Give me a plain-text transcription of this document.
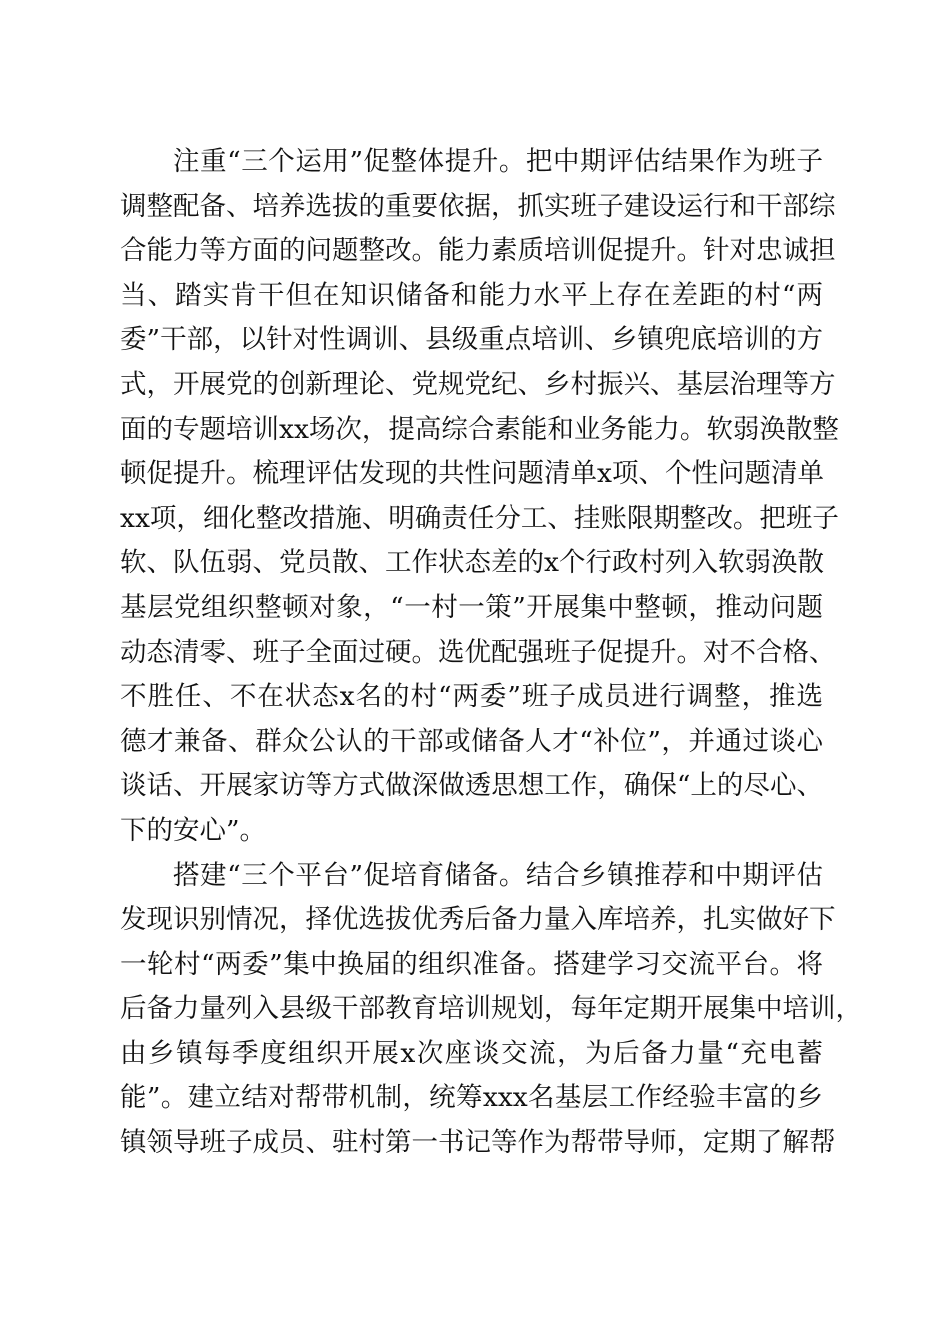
注重“三个运用”促整体提升。把中期评估结果作为班子
调整配备、培养选拔的重要依据，抓实班子建设运行和干部综
合能力等方面的问题整改。能力素质培训促提升。针对忠诚担
当、踏实肯干但在知识储备和能力水平上存在差距的村“两
委”干部，以针对性调训、县级重点培训、乡镇兜底培训的方
式，开展党的创新理论、党规党纪、乡村振兴、基层治理等方
面的专题培训xx场次，提高综合素能和业务能力。软弱涣散整
顿促提升。梳理评估发现的共性问题清单x项、个性问题清单
xx项，细化整改措施、明确责任分工、挂账限期整改。把班子
软、队伍弱、党员散、工作状态差的x个行政村列入软弱涣散
基层党组织整顿对象，“一村一策”开展集中整顿，推动问题
动态清零、班子全面过硬。选优配强班子促提升。对不合格、
不胜任、不在状态x名的村“两委”班子成员进行调整，推选
德才兼备、群众公认的干部或储备人才“补位”，并通过谈心
谈话、开展家访等方式做深做透思想工作，确保“上的尽心、
下的安心”。
搭建“三个平台”促培育储备。结合乡镇推荐和中期评估
发现识别情况，择优选拔优秀后备力量入库培养，扎实做好下
一轮村“两委”集中换届的组织准备。搭建学习交流平台。将
后备力量列入县级干部教育培训规划，每年定期开展集中培训，
由乡镇每季度组织开展x次座谈交流，为后备力量“充电蓄
能”。建立结对帮带机制，统筹xxx名基层工作经验丰富的乡
镇领导班子成员、驻村第一书记等作为帮带导师，定期了解帮
